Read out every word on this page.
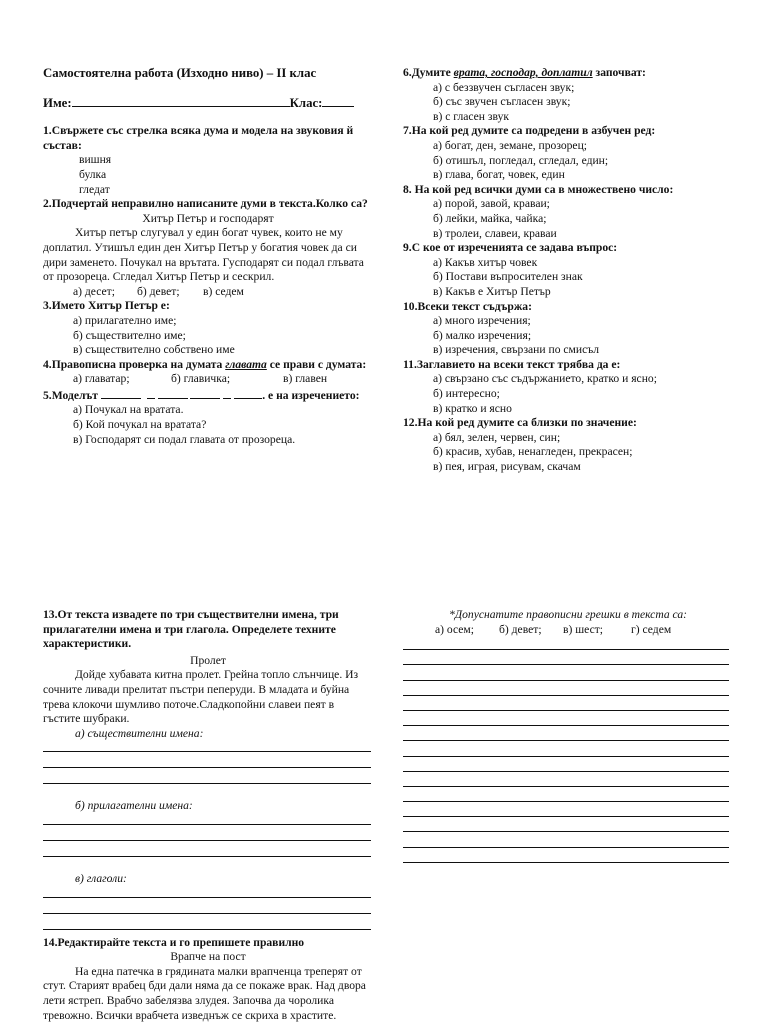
Самостоятелна работа (Изходно ниво) – II клас
Име:	Клас:
1.Свържете със стрелка всяка дума и модела на звуковия й състав:
вишня
булка
гледат
2.Подчертай неправилно написаните думи в текста.Колко са?
Хитър Петър и господарят
Хитър петър слугувал у един богат чувек, които не му доплатил. Утишъл един ден Хитър Петър у богатия човек да си дири заменето. Почукал на врътата. Гусподарят си подал глъвата от прозореца. Сгледал Хитър Петър и сескрил.
а) десет; б) девет; в) седем
3.Името Хитър Петър е:
а) прилагателно име;
б) съществително име;
в) съществително собствено име
4.Правописна проверка на думата главата се прави с думата:
а) главатар;	б) главичка;	в) главен
5.Моделът	. е на изречението:
а) Почукал на вратата.
б) Кой почукал на вратата?
в) Господарят си подал главата от прозореца.
6.Думите врата, господар, доплатил започват:
а) с беззвучен съгласен звук;
б) със звучен съгласен звук;
в) с гласен звук
7.На кой ред думите са подредени в азбучен ред:
а) богат, ден, земане, прозорец;
б) отишъл, погледал, сгледал, един;
в) глава, богат, човек, един
8. На кой ред всички думи са в множествено число:
а) порой, завой, краваи;
б) лейки, майка, чайка;
в) тролеи, славеи, краваи
9.С кое от изреченията се задава въпрос:
а) Какъв хитър човек
б) Постави въпросителен знак
в) Какъв е Хитър Петър
10.Всеки текст съдържа:
а) много изречения;
б) малко изречения;
в) изречения, свързани по смисъл
11.Заглавието на всеки текст трябва да е:
а) свързано със съдържанието, кратко и ясно;
б) интересно;
в) кратко и ясно
12.На кой ред думите са близки по значение:
а) бял, зелен, червен, син;
б) красив, хубав, ненагледен, прекрасен;
в) пея, играя, рисувам, скачам
13.От текста извадете по три съществителни имена, три прилагателни имена и три глагола. Определете техните характеристики.
Пролет
Дойде хубавата китна пролет. Грейна топло слънчице. Из сочните ливади прелитат пъстри пеперуди. В младата и буйна трева клокочи шумливо поточе.Сладкопойни славеи пеят в гъстите шубраки.
а) съществителни имена:
б) прилагателни имена:
в) глаголи:
14.Редактирайте текста и го препишете правилно
Врапче на пост
На една патечка в грядината малки врапченца треперят от стут. Старият врабец бди дали няма да се покаже врак. Над двора лети ястреп. Врабчо забелязва злудея. Започва да чоролика тревожно. Всички врабчета изведнъж се скриха в храстите.
*Допуснатите правописни грешки в текста са:
а) осем; б) девет; в) шест; г) седем
